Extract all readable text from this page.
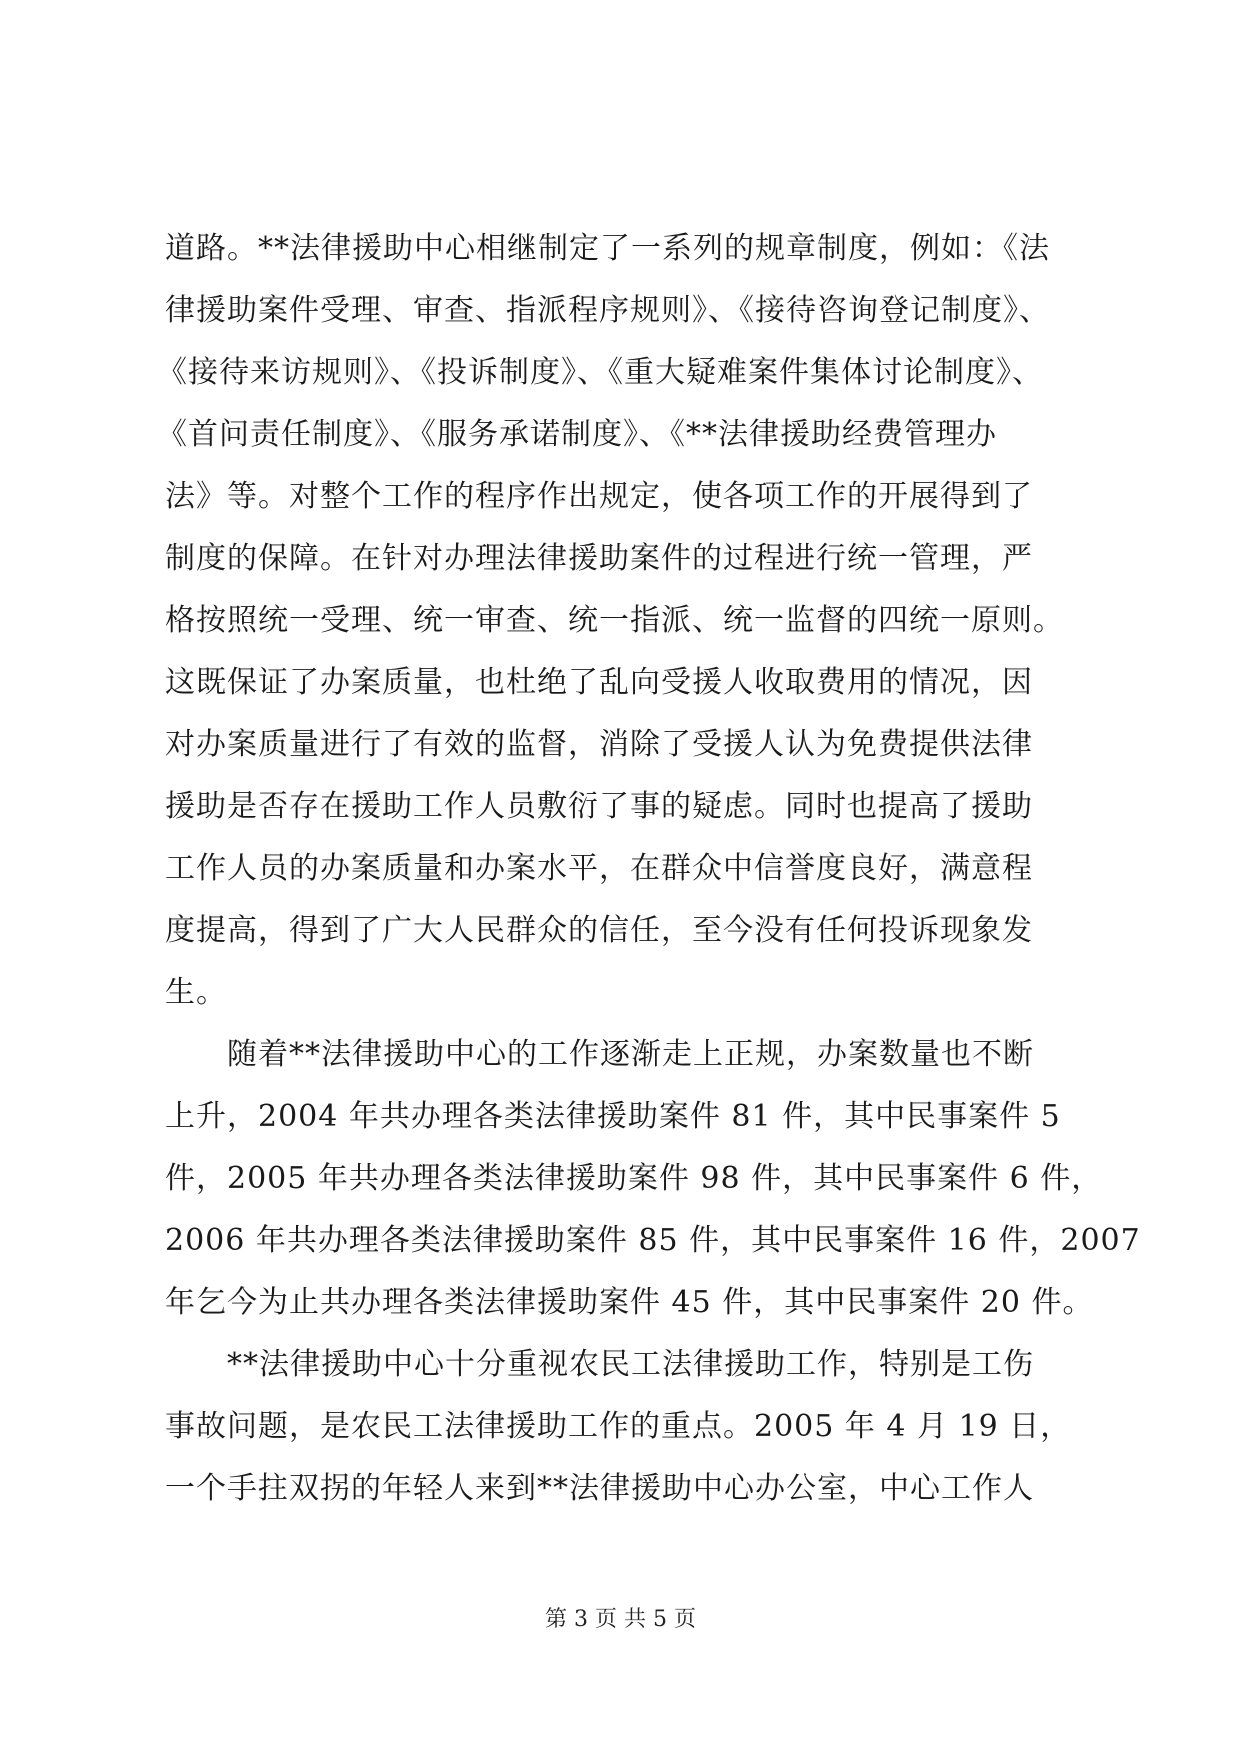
道路。**法律援助中心相继制定了一系列的规章制度，例如：《法
律援助案件受理、审查、指派程序规则》、《接待咨询登记制度》、
《接待来访规则》、《投诉制度》、《重大疑难案件集体讨论制度》、
《首问责任制度》、《服务承诺制度》、《**法律援助经费管理办
法》等。对整个工作的程序作出规定，使各项工作的开展得到了
制度的保障。在针对办理法律援助案件的过程进行统一管理，严
格按照统一受理、统一审查、统一指派、统一监督的四统一原则。
这既保证了办案质量，也杜绝了乱向受援人收取费用的情况，因
对办案质量进行了有效的监督，消除了受援人认为免费提供法律
援助是否存在援助工作人员敷衍了事的疑虑。同时也提高了援助
工作人员的办案质量和办案水平，在群众中信誉度良好，满意程
度提高，得到了广大人民群众的信任，至今没有任何投诉现象发
生。
随着**法律援助中心的工作逐渐走上正规，办案数量也不断
上升，2004 年共办理各类法律援助案件 81 件，其中民事案件 5
件，2005 年共办理各类法律援助案件 98 件，其中民事案件 6 件，
2006 年共办理各类法律援助案件 85 件，其中民事案件 16 件，2007
年乞今为止共办理各类法律援助案件 45 件，其中民事案件 20 件。
**法律援助中心十分重视农民工法律援助工作，特别是工伤
事故问题，是农民工法律援助工作的重点。2005 年 4 月 19 日，
一个手拄双拐的年轻人来到**法律援助中心办公室，中心工作人
第 3 页 共 5 页
